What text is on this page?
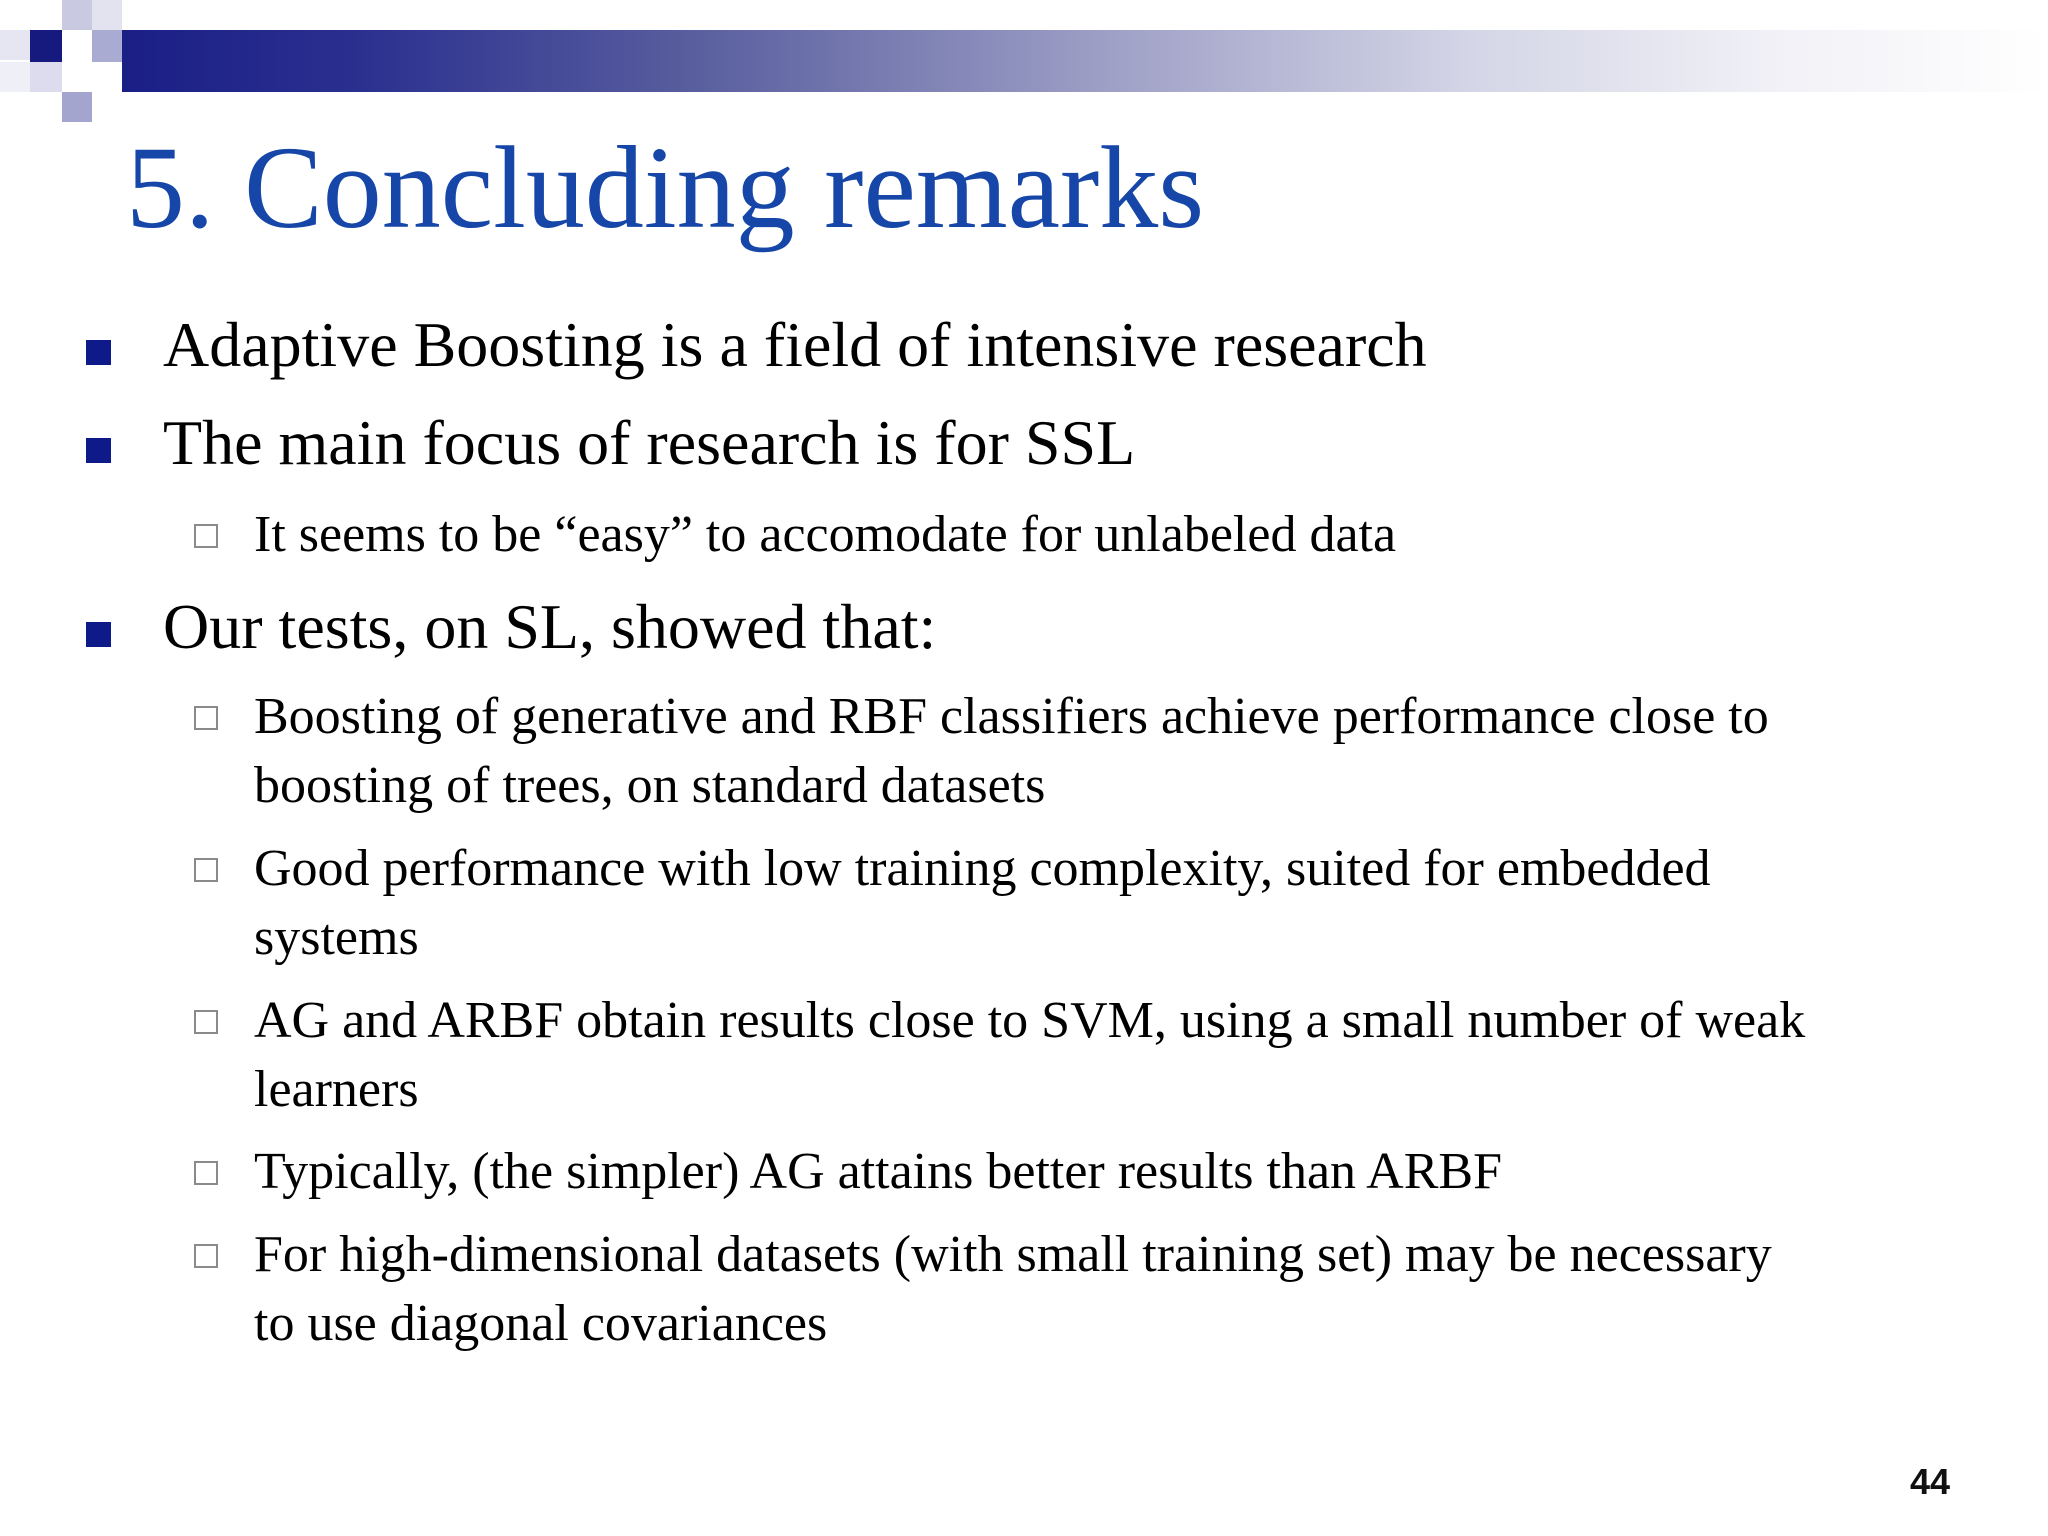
5. Concluding remarks
Adaptive Boosting is a field of intensive research
The main focus of research is for SSL
It seems to be “easy” to accomodate for unlabeled data
Our tests, on SL, showed that:
Boosting of generative and RBF classifiers achieve performance close to
boosting of trees, on standard datasets
Good performance with low training complexity, suited for embedded
systems
AG and ARBF obtain results close to SVM, using a small number of weak
learners
Typically, (the simpler) AG attains better results than ARBF
For high-dimensional datasets (with small training set) may be necessary
to use diagonal covariances
44
